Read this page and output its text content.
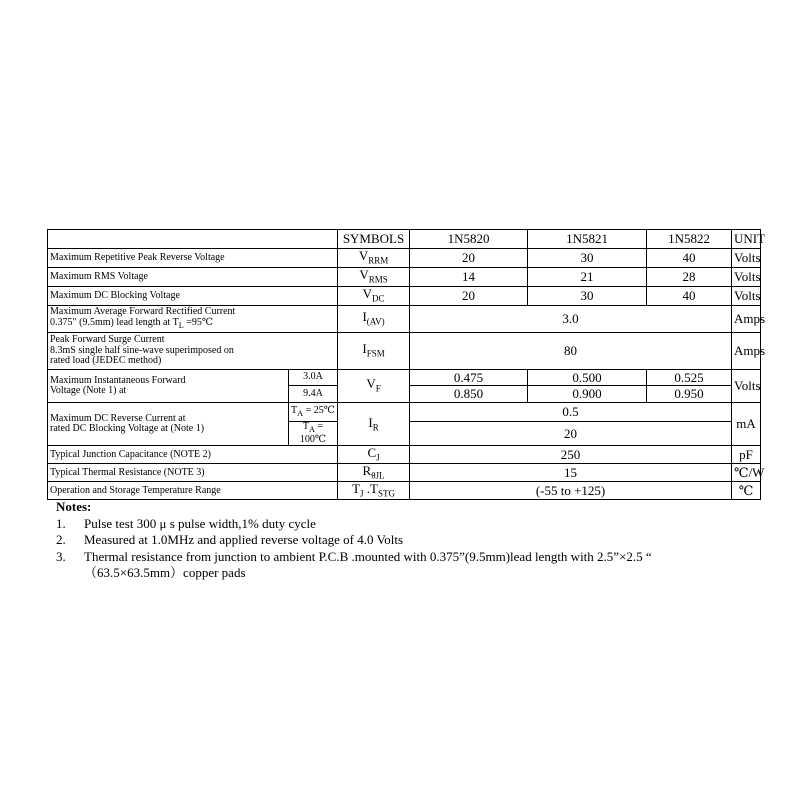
		SYMBOLS	1N5820	1N5821	1N5822	UNIT
Maximum Repetitive Peak Reverse Voltage		$V_{RRM}$	20	30	40	Volts
Maximum RMS Voltage		$V_{RMS}$	14	21	28	Volts
Maximum DC Blocking Voltage		$V_{DC}$	20	30	40	Volts

Maximum Average Forward Rectified Current
0.375″ (9.5mm) lead length at $T_L$ =95℃		$I_{(AV)}$	3.0			Amps

Peak Forward Surge Current
8.3mS single half sine-wave superimposed on
rated load (JEDEC method)		$I_{FSM}$	80			Amps

Maximum Instantaneous Forward
Voltage (Note 1) at	3.0A	$V_F$	0.475	0.500	0.525	Volts
	9.4A		0.850	0.900	0.950	

Maximum DC Reverse Current at
rated DC Blocking Voltage at (Note 1)	$T_A$ = 25℃	$I_R$	0.5			mA
	$T_A$ = 100℃		20			
Typical Junction Capacitance (NOTE 2)		$C_J$	250			pF
Typical Thermal Resistance (NOTE 3)		$R_{\theta JL}$	15			℃/W
Operation and Storage Temperature Range		$T_J$ $.T_{STG}$	(-55 to +125)			℃
Notes:
1. Pulse test 300 μ s pulse width,1% duty cycle
2. Measured at 1.0MHz and applied reverse voltage of 4.0 Volts
3. Thermal resistance from junction to ambient P.C.B .mounted with 0.375”(9.5mm)lead length with 2.5”×2.5 “
（63.5×63.5mm）copper pads
